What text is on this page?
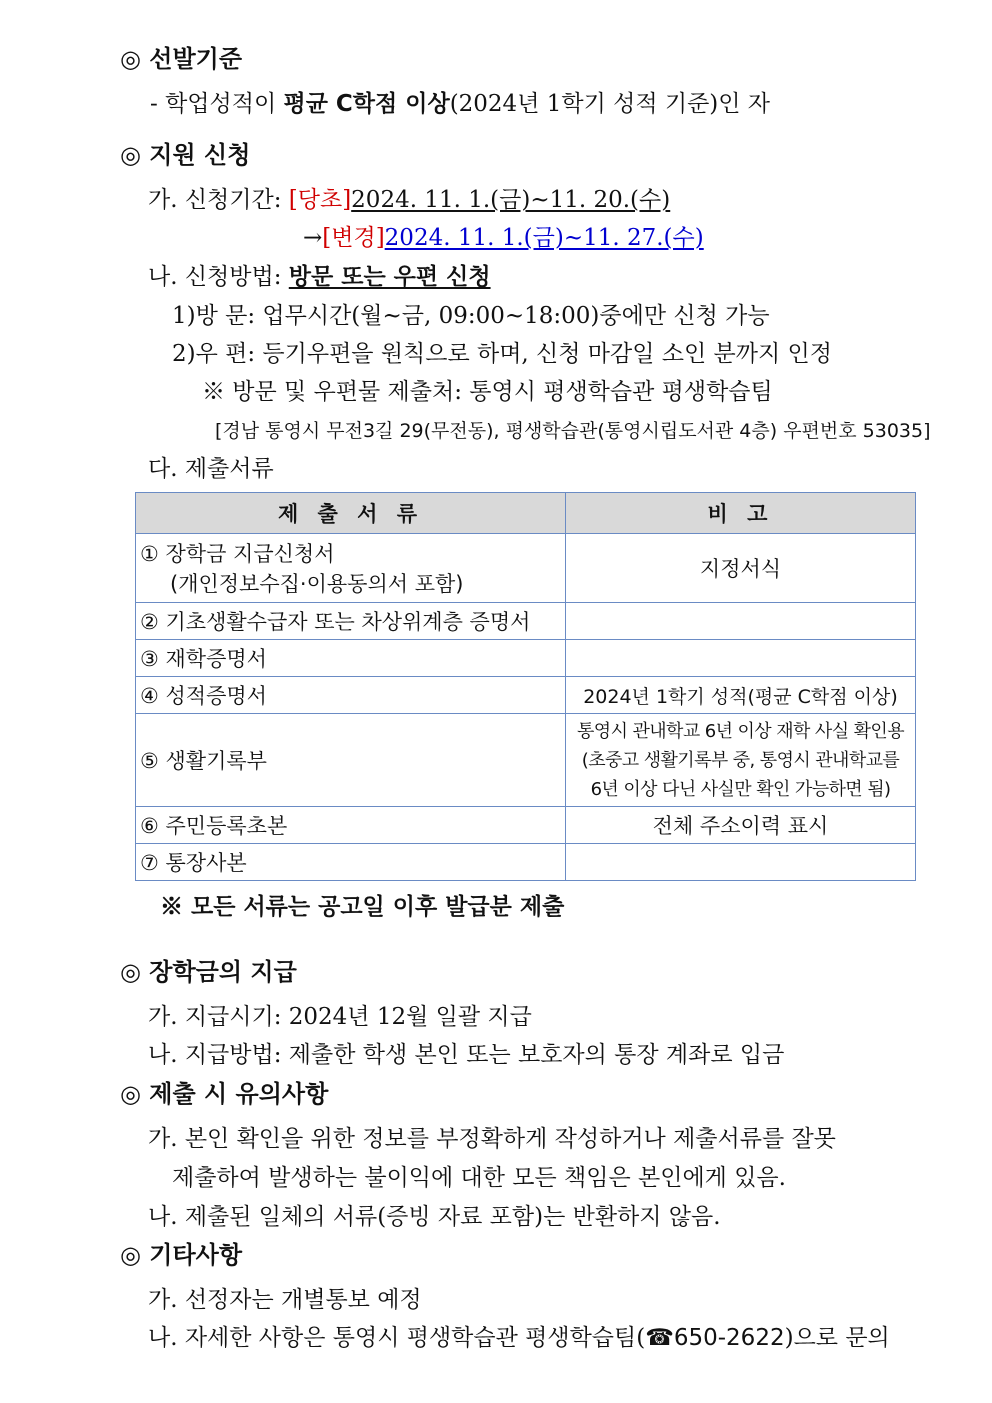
◎ 선발기준
- 학업성적이 평균 C학점 이상(2024년 1학기 성적 기준)인 자
◎ 지원 신청
가. 신청기간: [당초]2024. 11. 1.(금)~11. 20.(수)
→[변경]2024. 11. 1.(금)~11. 27.(수)
나. 신청방법: 방문 또는 우편 신청
1)방 문: 업무시간(월~금, 09:00~18:00)중에만 신청 가능
2)우 편: 등기우편을 원칙으로 하며, 신청 마감일 소인 분까지 인정
※ 방문 및 우편물 제출처: 통영시 평생학습관 평생학습팀
[경남 통영시 무전3길 29(무전동), 평생학습관(통영시립도서관 4층) 우편번호 53035]
다. 제출서류
제 출 서 류	비 고
① 장학금 지급신청서
(개인정보수집·이용동의서 포함)	지정서식
② 기초생활수급자 또는 차상위계층 증명서	
③ 재학증명서	
④ 성적증명서	2024년 1학기 성적(평균 C학점 이상)
⑤ 생활기록부	통영시 관내학교 6년 이상 재학 사실 확인용
(초중고 생활기록부 중, 통영시 관내학교를
6년 이상 다닌 사실만 확인 가능하면 됨)

⑥ 주민등록초본	전체 주소이력 표시
⑦ 통장사본	
※ 모든 서류는 공고일 이후 발급분 제출
◎ 장학금의 지급
가. 지급시기: 2024년 12월 일괄 지급
나. 지급방법: 제출한 학생 본인 또는 보호자의 통장 계좌로 입금
◎ 제출 시 유의사항
가. 본인 확인을 위한 정보를 부정확하게 작성하거나 제출서류를 잘못
제출하여 발생하는 불이익에 대한 모든 책임은 본인에게 있음.
나. 제출된 일체의 서류(증빙 자료 포함)는 반환하지 않음.
◎ 기타사항
가. 선정자는 개별통보 예정
나. 자세한 사항은 통영시 평생학습관 평생학습팀(☎650-2622)으로 문의
